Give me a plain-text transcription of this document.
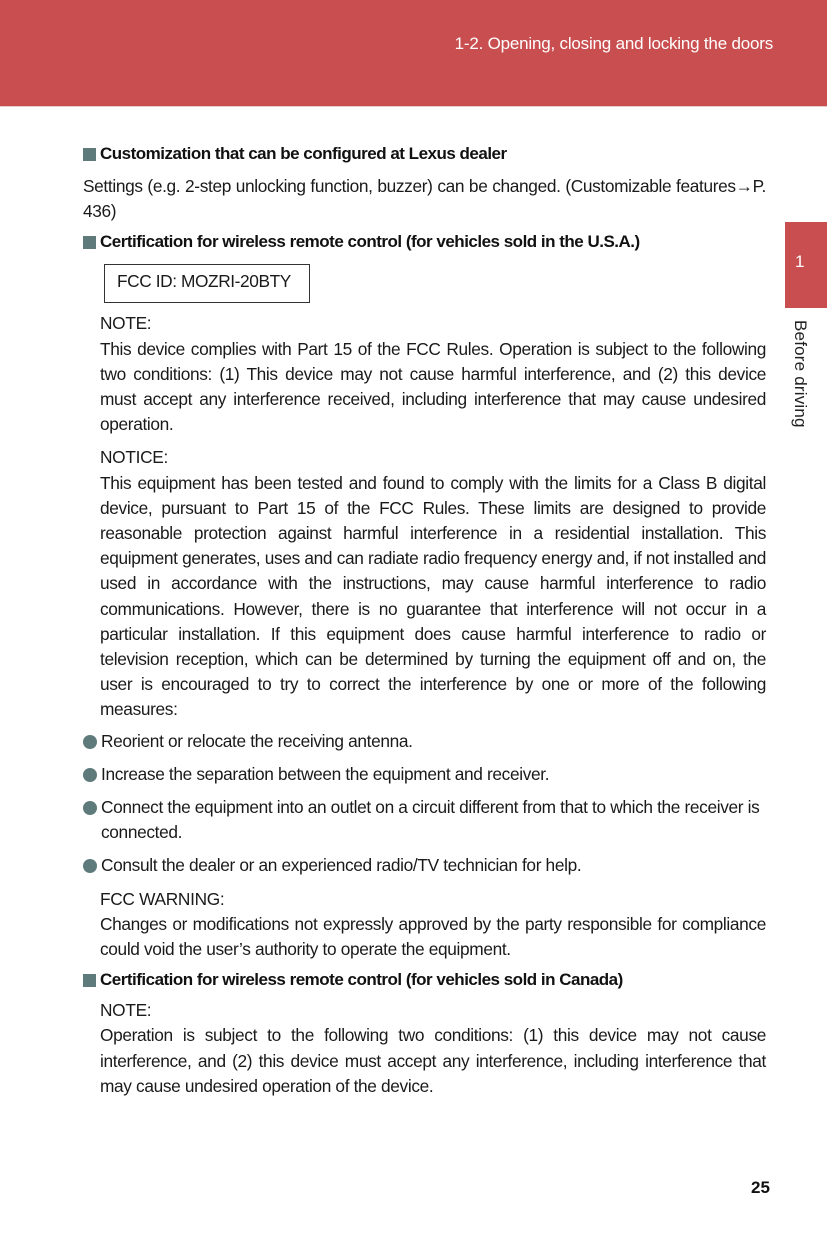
1-2. Opening, closing and locking the doors
1
Before driving
Customization that can be configured at Lexus dealer

Settings (e.g. 2-step unlocking function, buzzer) can be changed. (Customizable features→P. 436)

Certification for wireless remote control (for vehicles sold in the U.S.A.)
FCC ID: MOZRI-20BTY

NOTE:

This device complies with Part 15 of the FCC Rules. Operation is subject to the following two conditions: (1) This device may not cause harmful interference, and (2) this device must accept any interference received, including interference that may cause undesired operation.

NOTICE:

This equipment has been tested and found to comply with the limits for a Class B digital device, pursuant to Part 15 of the FCC Rules. These limits are designed to provide reasonable protection against harmful interference in a residential installation. This equipment generates, uses and can radiate radio frequency energy and, if not installed and used in accordance with the instructions, may cause harmful interference to radio communications. However, there is no guarantee that interference will not occur in a particular installation. If this equipment does cause harmful interference to radio or television reception, which can be determined by turning the equipment off and on, the user is encouraged to try to correct the interference by one or more of the following measures:

Reorient or relocate the receiving antenna.
Increase the separation between the equipment and receiver.
Connect the equipment into an outlet on a circuit different from that to which the receiver is connected.
Consult the dealer or an experienced radio/TV technician for help.

FCC WARNING:

Changes or modifications not expressly approved by the party responsible for compliance could void the user’s authority to operate the equipment.

Certification for wireless remote control (for vehicles sold in Canada)

NOTE:

Operation is subject to the following two conditions: (1) this device may not cause interference, and (2) this device must accept any interference, including interference that may cause undesired operation of the device.

25
